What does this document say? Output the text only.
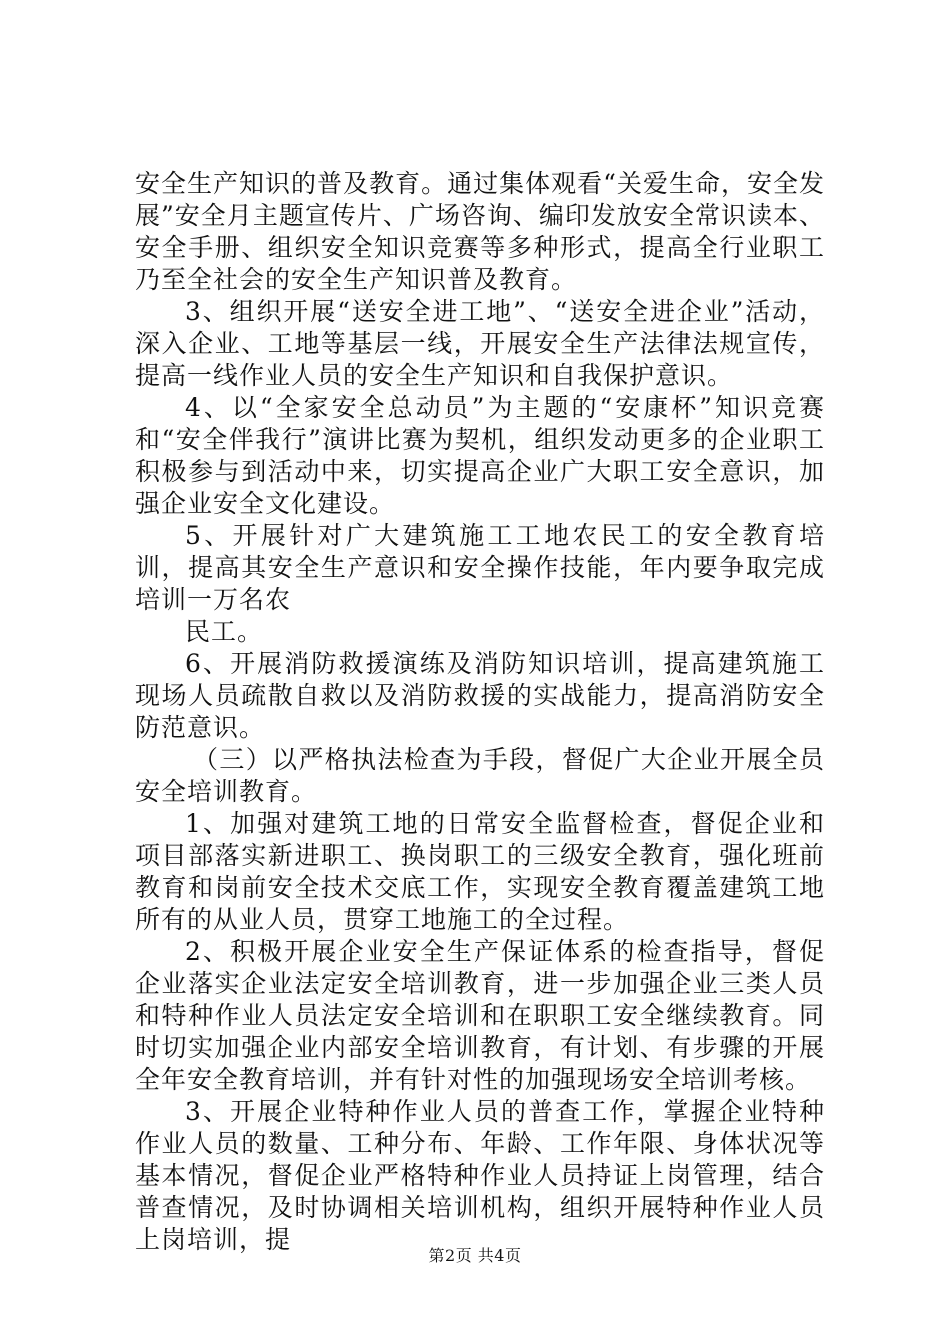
安全生产知识的普及教育。通过集体观看“关爱生命，安全发展”安全月主题宣传片、广场咨询、编印发放安全常识读本、安全手册、组织安全知识竞赛等多种形式，提高全行业职工乃至全社会的安全生产知识普及教育。

3、组织开展“送安全进工地”、“送安全进企业”活动，深入企业、工地等基层一线，开展安全生产法律法规宣传，提高一线作业人员的安全生产知识和自我保护意识。

4、以“全家安全总动员”为主题的“安康杯”知识竞赛和“安全伴我行”演讲比赛为契机，组织发动更多的企业职工积极参与到活动中来，切实提高企业广大职工安全意识，加强企业安全文化建设。

5、开展针对广大建筑施工工地农民工的安全教育培训，提高其安全生产意识和安全操作技能，年内要争取完成培训一万名农

民工。

6、开展消防救援演练及消防知识培训，提高建筑施工现场人员疏散自救以及消防救援的实战能力，提高消防安全防范意识。

（三）以严格执法检查为手段，督促广大企业开展全员安全培训教育。

1、加强对建筑工地的日常安全监督检查，督促企业和项目部落实新进职工、换岗职工的三级安全教育，强化班前教育和岗前安全技术交底工作，实现安全教育覆盖建筑工地所有的从业人员，贯穿工地施工的全过程。

2、积极开展企业安全生产保证体系的检查指导，督促企业落实企业法定安全培训教育，进一步加强企业三类人员和特种作业人员法定安全培训和在职职工安全继续教育。同时切实加强企业内部安全培训教育，有计划、有步骤的开展全年安全教育培训，并有针对性的加强现场安全培训考核。

3、开展企业特种作业人员的普查工作，掌握企业特种作业人员的数量、工种分布、年龄、工作年限、身体状况等基本情况，督促企业严格特种作业人员持证上岗管理，结合普查情况，及时协调相关培训机构，组织开展特种作业人员上岗培训，提

第2页 共4页
